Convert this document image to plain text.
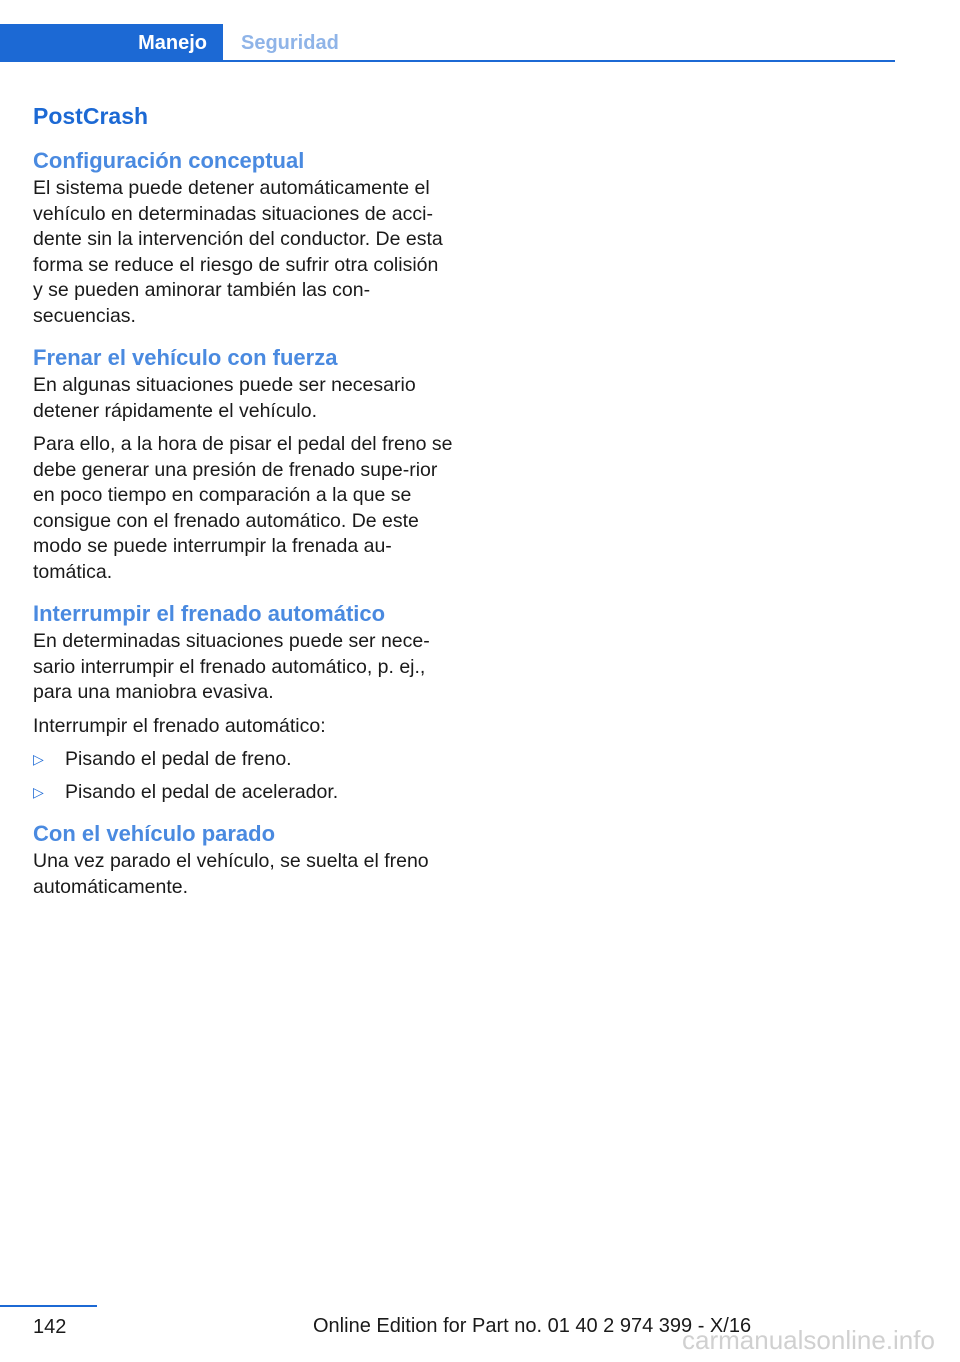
Manejo Seguridad
PostCrash
Configuración conceptual

El sistema puede detener automáticamente el vehículo en determinadas situaciones de acci-dente sin la intervención del conductor. De esta forma se reduce el riesgo de sufrir otra colisión y se pueden aminorar también las con-secuencias.

Frenar el vehículo con fuerza

En algunas situaciones puede ser necesario detener rápidamente el vehículo.

Para ello, a la hora de pisar el pedal del freno se debe generar una presión de frenado supe-rior en poco tiempo en comparación a la que se consigue con el frenado automático. De este modo se puede interrumpir la frenada au-tomática.

Interrumpir el frenado automático

En determinadas situaciones puede ser nece-sario interrumpir el frenado automático, p. ej., para una maniobra evasiva.

Interrumpir el frenado automático:

▷	Pisando el pedal de freno.
▷	Pisando el pedal de acelerador.
Con el vehículo parado

Una vez parado el vehículo, se suelta el freno automáticamente.

142	Online Edition for Part no. 01 40 2 974 399 - X/16
carmanualsonline.info
